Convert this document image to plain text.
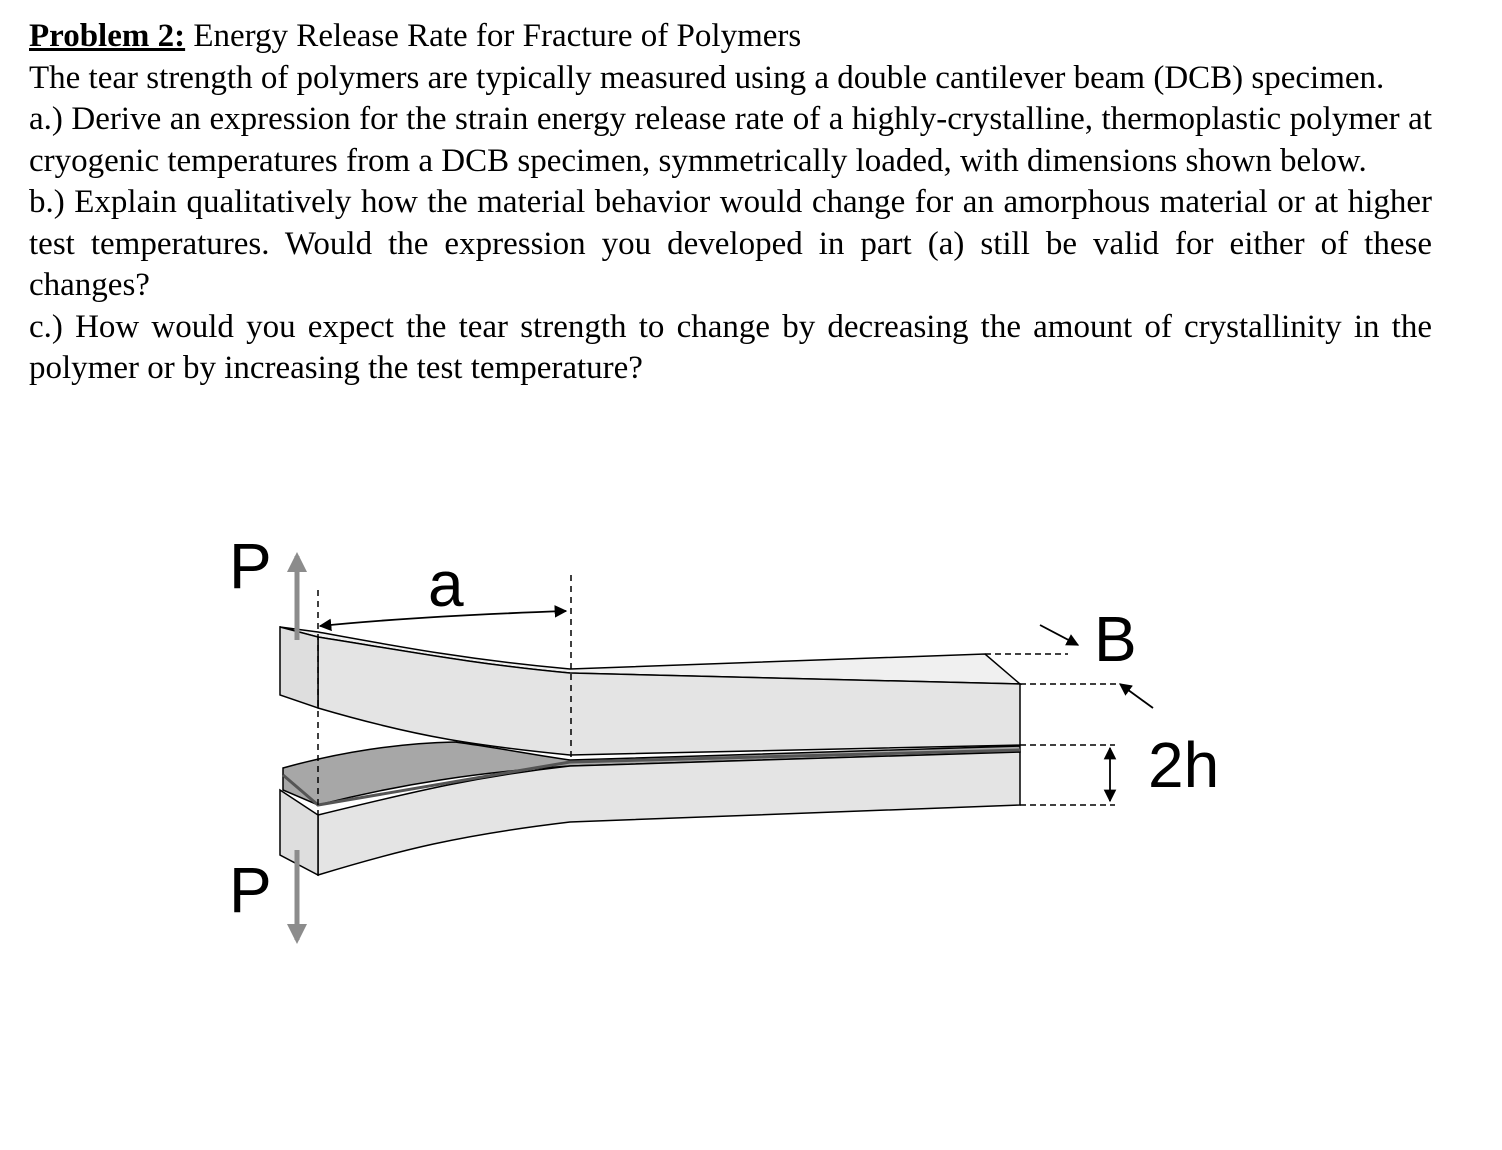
Problem 2: Energy Release Rate for Fracture of Polymers

The tear strength of polymers are typically measured using a double cantilever beam (DCB) specimen.

a.) Derive an expression for the strain energy release rate of a highly-crystalline, thermoplastic polymer at cryogenic temperatures from a DCB specimen, symmetrically loaded, with dimensions shown below.

b.) Explain qualitatively how the material behavior would change for an amorphous material or at higher test temperatures. Would the expression you developed in part (a) still be valid for either of these changes?

c.) How would you expect the tear strength to change by decreasing the amount of crystallinity in the polymer or by increasing the test temperature?

P
P
a
B
2h
